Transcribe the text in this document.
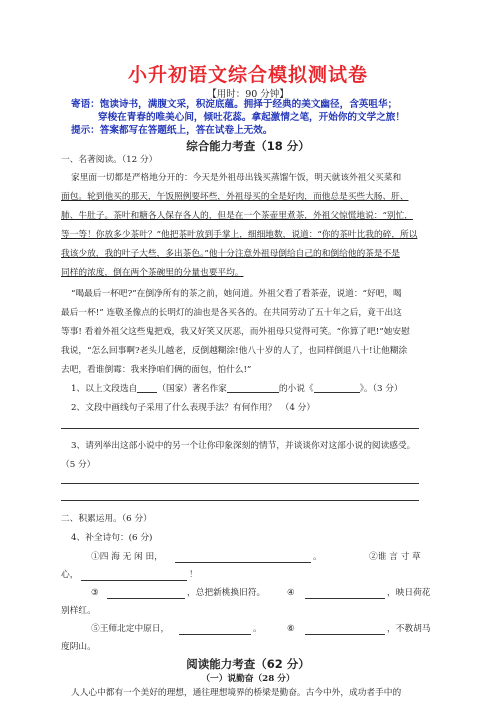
小升初语文综合模拟测试卷
【用时：90 分钟】
寄语：饱读诗书，满腹文采，积淀底蕴。拥择于经典的美文幽径，含英咀华；
穿梭在青春的唯美心间，倾吐花蕊。拿起激情之笔，开始你的文学之旅！
提示：答案都写在答题纸上，答在试卷上无效。
综合能力考查（18 分）
一、名著阅读。（12 分）
家里面一切都是严格地分开的：今天是外祖母出钱买蒸馏午饭，明天就该外祖父买菜和
面包。轮到他买的那天，午饭照例要坏些，外祖母买的全是好肉，而他总是买些大肠、肝、
肺、牛肚子。茶叶和糖各人保存各人的，但是在一个茶壶里煮茶，外祖父惊慌地说：“别忙，
等一等！你放多少茶叶？”他把茶叶放到手掌上，细细地数，说道：“你的茶叶比我的碎，所以
我该少放，我的叶子大些，多出茶色。”他十分注意外祖母倒给自己的和倒给他的茶是不是
同样的浓度，倒在两个茶碗里的分量也要平均。
“喝最后一杯吧?”在倒净所有的茶之前，她问道。外祖父看了看茶壶，说道：“好吧，喝
最后一杯!” 连敬圣像点的长明灯的油也是各买各的。在共同劳动了五十年之后，竟干出这
等事! 看着外祖父这些鬼把戏，我又好笑又厌恶，而外祖母只觉得可笑。“你算了吧!”她安慰
我说，“怎么回事啊?老头儿越老，反倒越糊涂!他八十岁的人了，也同样倒退八十!让他糊涂
去吧，看谁倒霉：我来挣咱们俩的面包，怕什么!”
1、以上文段选自 （国家）著名作家	的小说《	》。（3 分）
2、文段中画线句子采用了什么表现手法？有何作用？　（4 分）
3、请列举出这部小说中的另一个让你印象深刻的情节，并谈谈你对这部小说的阅读感受。
（5 分）
二、积累运用。（6 分）
4、补全诗句：(6 分)
①四 海 无 闲 田，	。	②谁 言 寸 草
心，	！
③	，总把新桃换旧符。	④	，映日荷花
别样红。
⑤王师北定中原日，	。	⑥	，不教胡马
度阴山。
阅读能力考查（62 分）
（一）说勤奋（28 分）
人人心中都有一个美好的理想，通往理想境界的桥梁是勤奋。古今中外，成功者手中的
